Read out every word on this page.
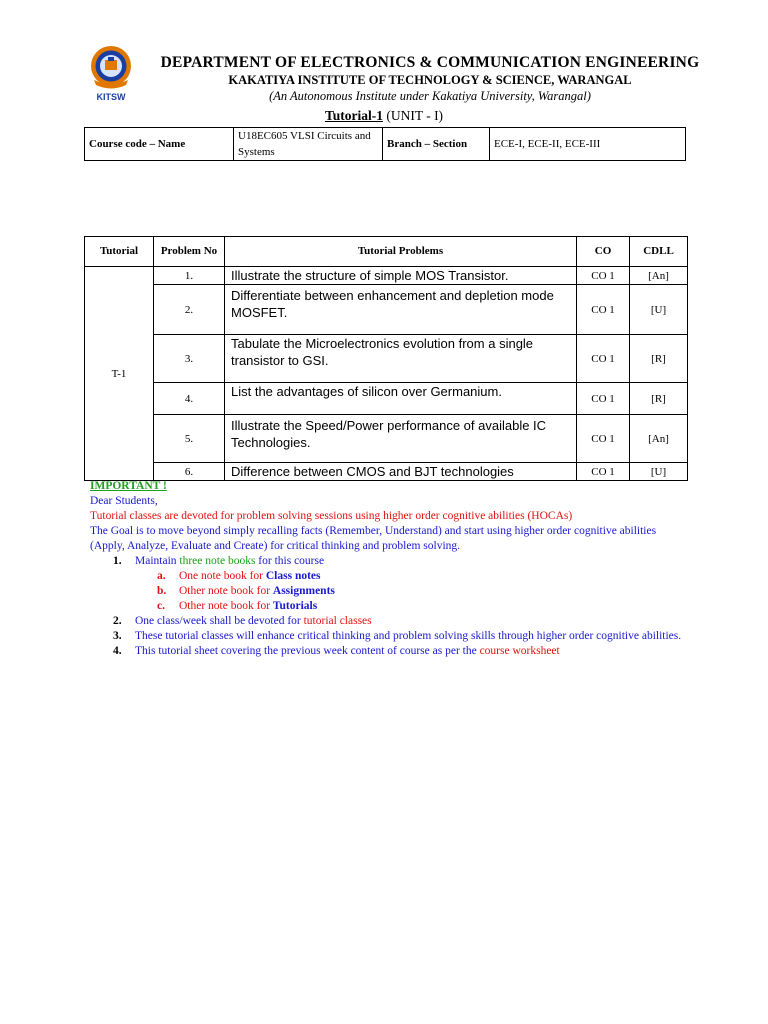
KITSW
DEPARTMENT OF ELECTRONICS & COMMUNICATION ENGINEERING
KAKATIYA INSTITUTE OF TECHNOLOGY & SCIENCE, WARANGAL
(An Autonomous Institute under Kakatiya University, Warangal)
Tutorial-1 (UNIT - I)
Course code – Name	U18EC605 VLSI Circuits and Systems	Branch – Section	ECE-I, ECE-II, ECE-III
Tutorial	Problem No	Tutorial Problems	CO	CDLL
T-1	1.	Illustrate the structure of simple MOS Transistor.	CO 1	[An]
	2.	Differentiate between enhancement and depletion mode MOSFET.	CO 1	[U]
	3.	Tabulate the Microelectronics evolution from a single transistor to GSI.	CO 1	[R]
	4.	List the advantages of silicon over Germanium.	CO 1	[R]
	5.	Illustrate the Speed/Power performance of available IC Technologies.	CO 1	[An]
	6.	Difference between CMOS and BJT technologies	CO 1	[U]

IMPORTANT !

Dear Students,

Tutorial classes are devoted for problem solving sessions using higher order cognitive abilities (HOCAs)

The Goal is to move beyond simply recalling facts (Remember, Understand) and start using higher order cognitive abilities (Apply, Analyze, Evaluate and Create) for critical thinking and problem solving.

1. Maintain three note books for this course
a. One note book for Class notes
b. Other note book for Assignments
c. Other note book for Tutorials
2. One class/week shall be devoted for tutorial classes
3. These tutorial classes will enhance critical thinking and problem solving skills through higher order cognitive abilities.
4. This tutorial sheet covering the previous week content of course as per the course worksheet
